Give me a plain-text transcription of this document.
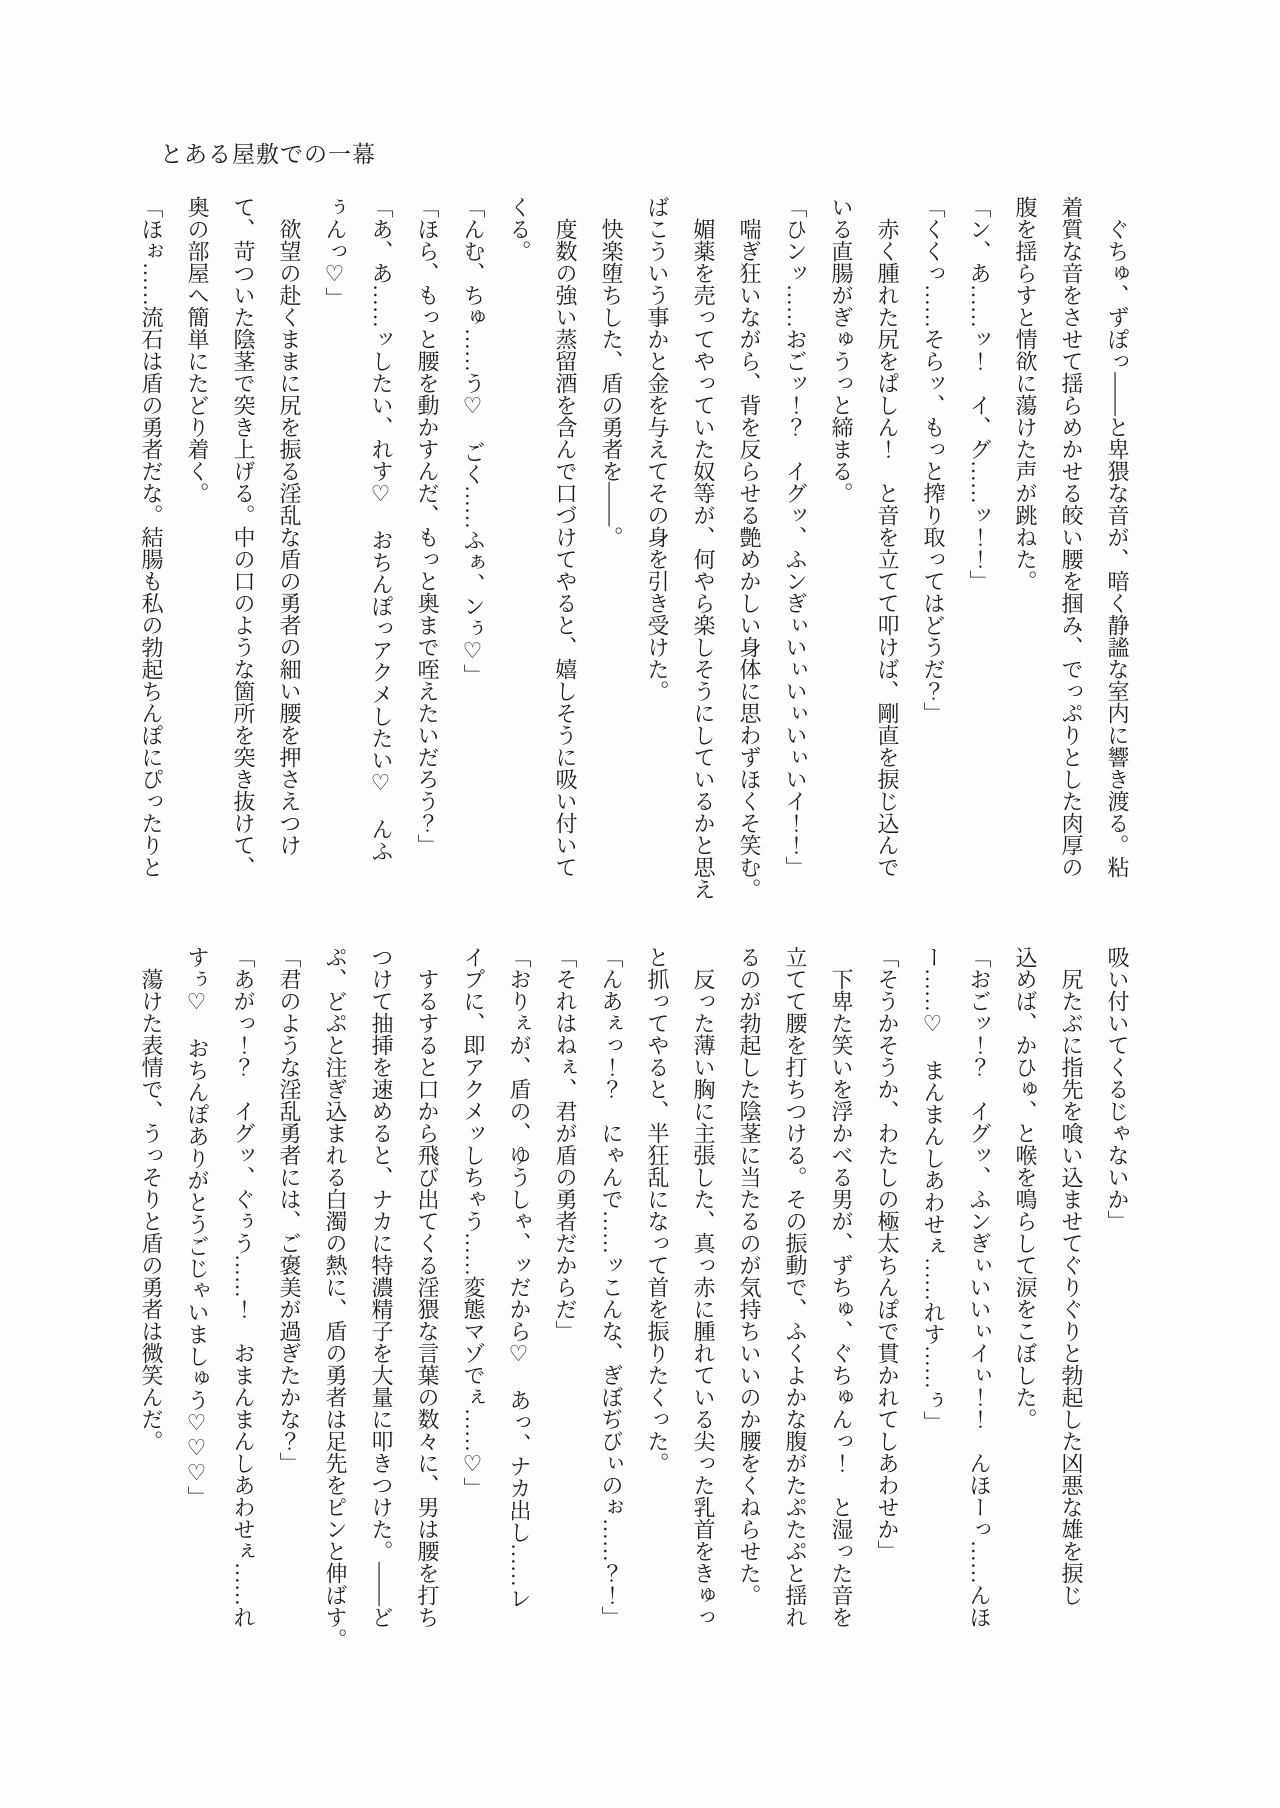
とある屋敷での一幕

　ぐちゅ、ずぽっ――と卑猥な音が、暗く静謐な室内に響き渡る。粘

着質な音をさせて揺らめかせる皎い腰を掴み、でっぷりとした肉厚の

腹を揺らすと情欲に蕩けた声が跳ねた。

「ン、あ……ッ！　イ、グ……ッ！！」

「くくっ……そらッ、もっと搾り取ってはどうだ？」

　赤く腫れた尻をぱしん！　と音を立てて叩けば、剛直を捩じ込んで

いる直腸がぎゅうっと締まる。

「ひンッ……おごッ！？　イグッ、ふンぎぃいぃいぃいぃいイ！！」

　喘ぎ狂いながら、背を反らせる艶めかしい身体に思わずほくそ笑む。

　媚薬を売ってやっていた奴等が、何やら楽しそうにしているかと思え

ばこういう事かと金を与えてその身を引き受けた。

　快楽堕ちした、盾の勇者を――。

　度数の強い蒸留酒を含んで口づけてやると、嬉しそうに吸い付いて

くる。

「んむ、ちゅ……う♡　ごく……ふぁ、ンぅ♡」

「ほら、もっと腰を動かすんだ、もっと奥まで咥えたいだろう？」

「あ、あ……ッしたい、れす♡　おちんぽっアクメしたい♡　んふ

ぅんっ♡」

　欲望の赴くままに尻を振る淫乱な盾の勇者の細い腰を押さえつけ

て、苛ついた陰茎で突き上げる。中の口のような箇所を突き抜けて、

奥の部屋へ簡単にたどり着く。

「ほぉ……流石は盾の勇者だな。結腸も私の勃起ちんぽにぴったりと

吸い付いてくるじゃないか」

　尻たぶに指先を喰い込ませてぐりぐりと勃起した凶悪な雄を捩じ

込めば、かひゅ、と喉を鳴らして涙をこぼした。

「おごッ！？　イグッ、ふンぎぃいいぃイぃ！！　んほーっ……んほ

ー……♡　まんまんしあわせぇ……れす……ぅ」

「そうかそうか、わたしの極太ちんぽで貫かれてしあわせか」

　下卑た笑いを浮かべる男が、ずちゅ、ぐちゅんっ！　と湿った音を

立てて腰を打ちつける。その振動で、ふくよかな腹がたぷたぷと揺れ

るのが勃起した陰茎に当たるのが気持ちいいのか腰をくねらせた。

　反った薄い胸に主張した、真っ赤に腫れている尖った乳首をきゅっ

と抓ってやると、半狂乱になって首を振りたくった。

「んあぇっ！？　にゃんで……ッこんな、ぎぼぢびぃのぉ……？！」

「それはねぇ、君が盾の勇者だからだ」

「おりぇが、盾の、ゆうしゃ、ッだから♡　あっ、ナカ出し……レ

イプに、即アクメッしちゃう……変態マゾでぇ……♡」

　するすると口から飛び出てくる淫猥な言葉の数々に、男は腰を打ち

つけて抽挿を速めると、ナカに特濃精子を大量に叩きつけた。――ど

ぷ、どぷと注ぎ込まれる白濁の熱に、盾の勇者は足先をピンと伸ばす。

「君のような淫乱勇者には、ご褒美が過ぎたかな？」

「あがっ！？　イグッ、ぐぅう……！　おまんまんしあわせぇ……れ

すぅ♡　おちんぽありがとうごじゃいましゅう♡♡♡」

　蕩けた表情で、うっそりと盾の勇者は微笑んだ。
